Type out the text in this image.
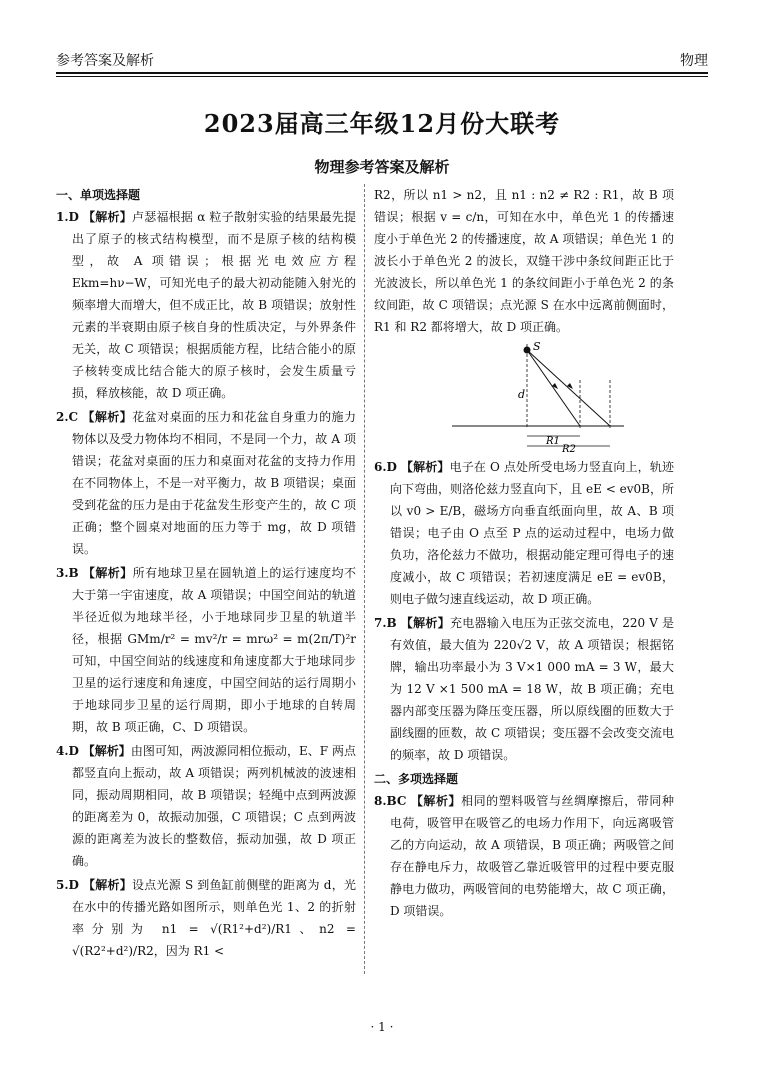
参考答案及解析	物理
2023届高三年级12月份大联考
物理参考答案及解析

一、单项选择题

1.D 【解析】卢瑟福根据 α 粒子散射实验的结果最先提出了原子的核式结构模型，而不是原子核的结构模型，故 A 项错误；根据光电效应方程 Ekm=hν−W，可知光电子的最大初动能随入射光的频率增大而增大，但不成正比，故 B 项错误；放射性元素的半衰期由原子核自身的性质决定，与外界条件无关，故 C 项错误；根据质能方程，比结合能小的原子核转变成比结合能大的原子核时，会发生质量亏损，释放核能，故 D 项正确。

2.C 【解析】花盆对桌面的压力和花盆自身重力的施力物体以及受力物体均不相同，不是同一个力，故 A 项错误；花盆对桌面的压力和桌面对花盆的支持力作用在不同物体上，不是一对平衡力，故 B 项错误；桌面受到花盆的压力是由于花盆发生形变产生的，故 C 项正确；整个圆桌对地面的压力等于 mg，故 D 项错误。

3.B 【解析】所有地球卫星在圆轨道上的运行速度均不大于第一宇宙速度，故 A 项错误；中国空间站的轨道半径近似为地球半径，小于地球同步卫星的轨道半径，根据 GMm/r² = mv²/r = mrω² = m(2π/T)²r 可知，中国空间站的线速度和角速度都大于地球同步卫星的运行速度和角速度，中国空间站的运行周期小于地球同步卫星的运行周期，即小于地球的自转周期，故 B 项正确，C、D 项错误。

4.D 【解析】由图可知，两波源同相位振动，E、F 两点都竖直向上振动，故 A 项错误；两列机械波的波速相同，振动周期相同，故 B 项错误；轻绳中点到两波源的距离差为 0，故振动加强，C 项错误；C 点到两波源的距离差为波长的整数倍，振动加强，故 D 项正确。

5.D 【解析】设点光源 S 到鱼缸前侧壁的距离为 d，光在水中的传播光路如图所示，则单色光 1、2 的折射率分别为 n1 = √(R1²+d²)/R1、n2 = √(R2²+d²)/R2，因为 R1 <

R2，所以 n1 > n2，且 n1 : n2 ≠ R2 : R1，故 B 项错误；根据 v = c/n，可知在水中，单色光 1 的传播速度小于单色光 2 的传播速度，故 A 项错误；单色光 1 的波长小于单色光 2 的波长，双缝干涉中条纹间距正比于光波波长，所以单色光 1 的条纹间距小于单色光 2 的条纹间距，故 C 项错误；点光源 S 在水中远离前侧面时，R1 和 R2 都将增大，故 D 项正确。

S
d
R1
R2

6.D 【解析】电子在 O 点处所受电场力竖直向上，轨迹向下弯曲，则洛伦兹力竖直向下，且 eE < ev0B，所以 v0 > E/B，磁场方向垂直纸面向里，故 A、B 项错误；电子由 O 点至 P 点的运动过程中，电场力做负功，洛伦兹力不做功，根据动能定理可得电子的速度减小，故 C 项错误；若初速度满足 eE = ev0B，则电子做匀速直线运动，故 D 项正确。

7.B 【解析】充电器输入电压为正弦交流电，220 V 是有效值，最大值为 220√2 V，故 A 项错误；根据铭牌，输出功率最小为 3 V×1 000 mA = 3 W，最大为 12 V ×1 500 mA = 18 W，故 B 项正确；充电器内部变压器为降压变压器，所以原线圈的匝数大于副线圈的匝数，故 C 项错误；变压器不会改变交流电的频率，故 D 项错误。

二、多项选择题

8.BC 【解析】相同的塑料吸管与丝绸摩擦后，带同种电荷，吸管甲在吸管乙的电场力作用下，向远离吸管乙的方向运动，故 A 项错误，B 项正确；两吸管之间存在静电斥力，故吸管乙靠近吸管甲的过程中要克服静电力做功，两吸管间的电势能增大，故 C 项正确，D 项错误。

· 1 ·
